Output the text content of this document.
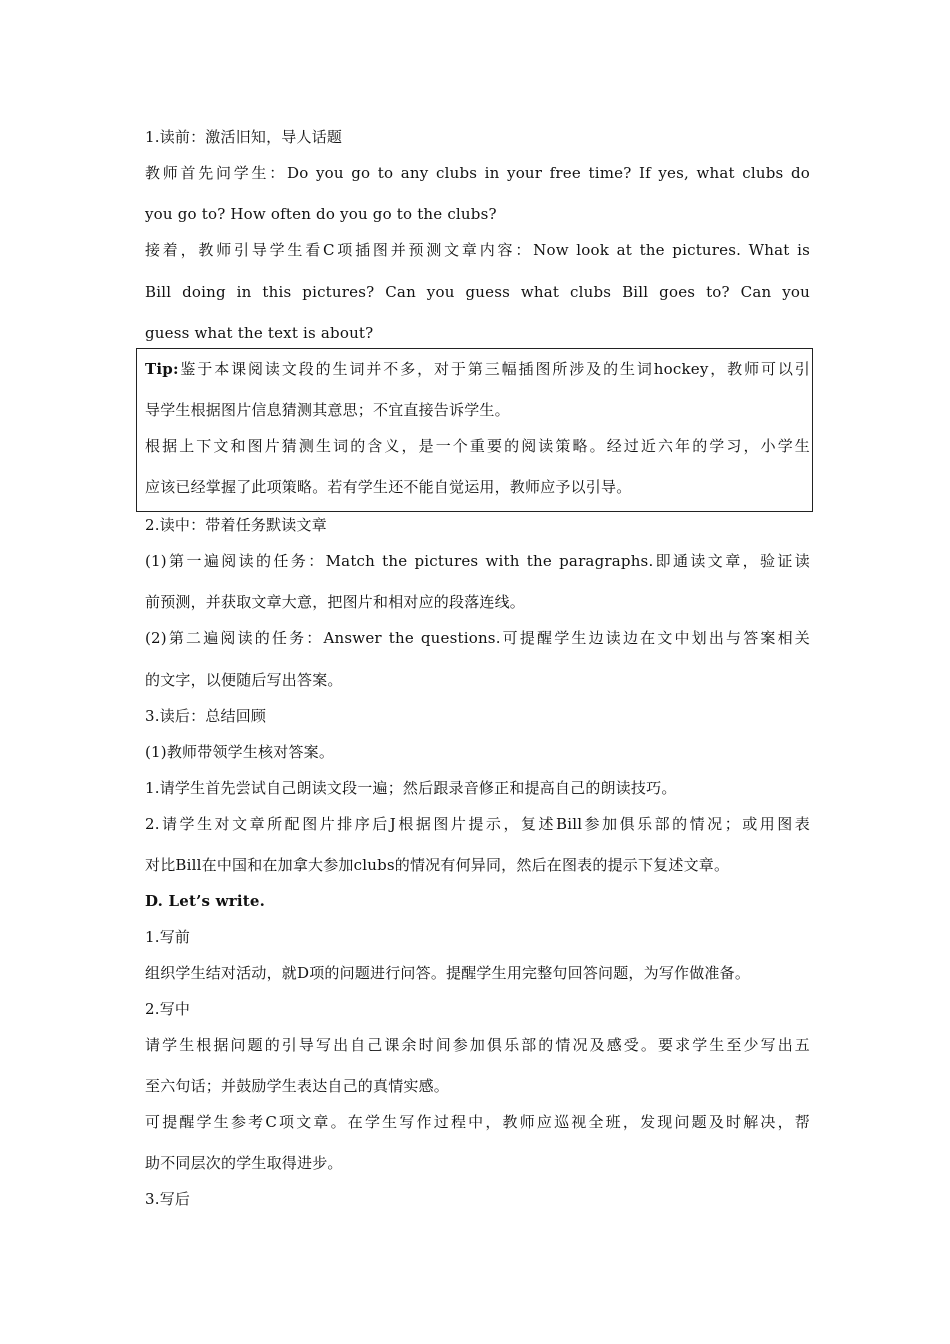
1.读前：激活旧知，导人话题
教师首先问学生：Do you go to any clubs in your free time? If yes, what clubs do
you go to? How often do you go to the clubs?
接着，教师引导学生看C项插图并预测文章内容：Now look at the pictures. What is
Bill doing in this pictures? Can you guess what clubs Bill goes to? Can you
guess what the text is about?
Tip:鉴于本课阅读文段的生词并不多，对于第三幅插图所涉及的生词hockey，教师可以引
导学生根据图片信息猜测其意思；不宜直接告诉学生。
根据上下文和图片猜测生词的含义，是一个重要的阅读策略。经过近六年的学习，小学生
应该已经掌握了此项策略。若有学生还不能自觉运用，教师应予以引导。
2.读中：带着任务默读文章
(1)第一遍阅读的任务：Match the pictures with the paragraphs.即通读文章，验证读
前预测，并获取文章大意，把图片和相对应的段落连线。
(2)第二遍阅读的任务：Answer the questions.可提醒学生边读边在文中划出与答案相关
的文字，以便随后写出答案。
3.读后：总结回顾
(1)教师带领学生核对答案。
1.请学生首先尝试自己朗读文段一遍；然后跟录音修正和提高自己的朗读技巧。
2.请学生对文章所配图片排序后J根据图片提示，复述Bill参加俱乐部的情况；或用图表
对比Bill在中国和在加拿大参加clubs的情况有何异同，然后在图表的提示下复述文章。
D. Let’s write.
1.写前
组织学生结对活动，就D项的问题进行问答。提醒学生用完整句回答问题，为写作做准备。
2.写中
请学生根据问题的引导写出自己课余时间参加俱乐部的情况及感受。要求学生至少写出五
至六句话；并鼓励学生表达自己的真情实感。
可提醒学生参考C项文章。在学生写作过程中，教师应巡视全班，发现问题及时解决，帮
助不同层次的学生取得进步。
3.写后
